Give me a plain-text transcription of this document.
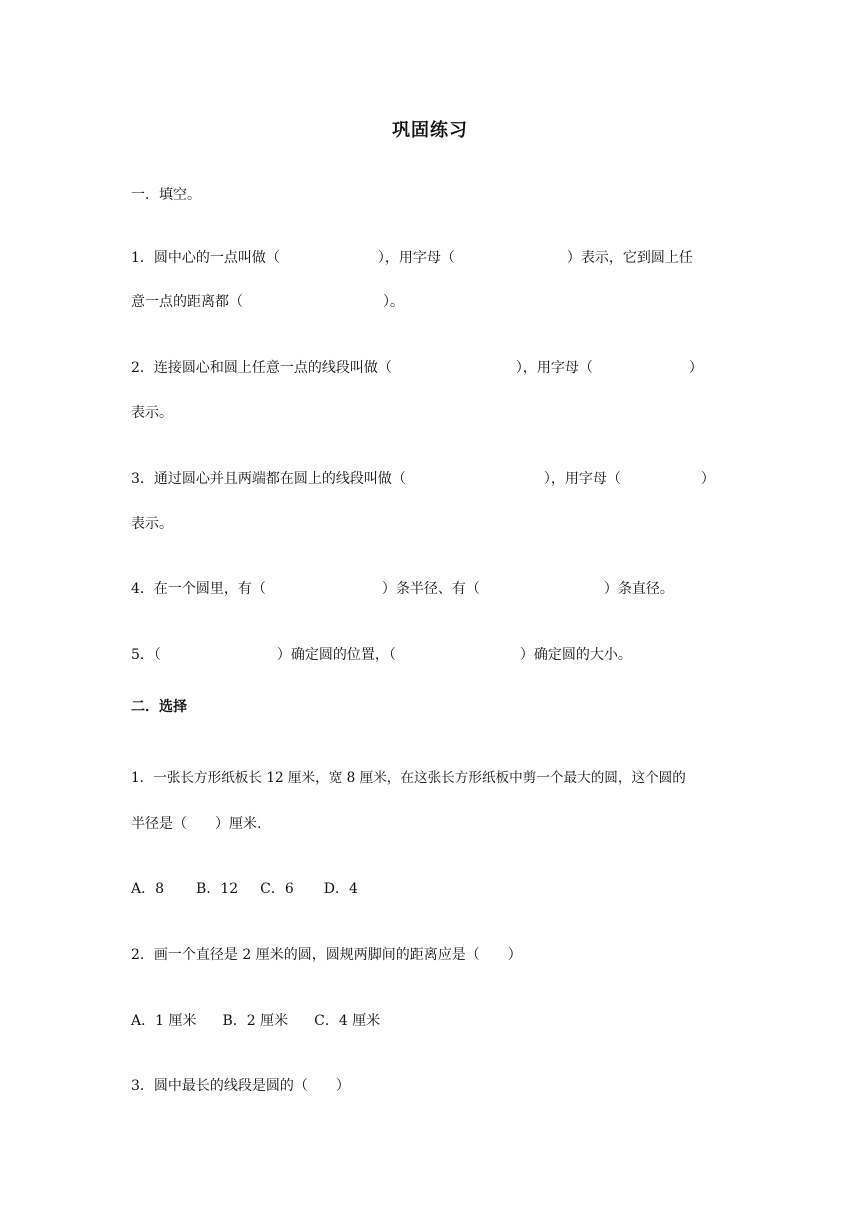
巩固练习
一．填空。
1．圆中心的一点叫做（	），用字母（	）表示，它到圆上任
意一点的距离都（	）。
2．连接圆心和圆上任意一点的线段叫做（	），用字母（	）
表示。
3．通过圆心并且两端都在圆上的线段叫做（	），用字母（	）
表示。
4．在一个圆里，有（	）条半径、有（	）条直径。
5．（	）确定圆的位置，（	）确定圆的大小。
二．选择
1．一张长方形纸板长 12 厘米，宽 8 厘米，在这张长方形纸板中剪一个最大的圆，这个圆的
半径是（　　）厘米.
A．8 B．12 C．6 D．4
2．画一个直径是 2 厘米的圆，圆规两脚间的距离应是（　　）
A．1 厘米 B．2 厘米 C．4 厘米
3．圆中最长的线段是圆的（　　）
